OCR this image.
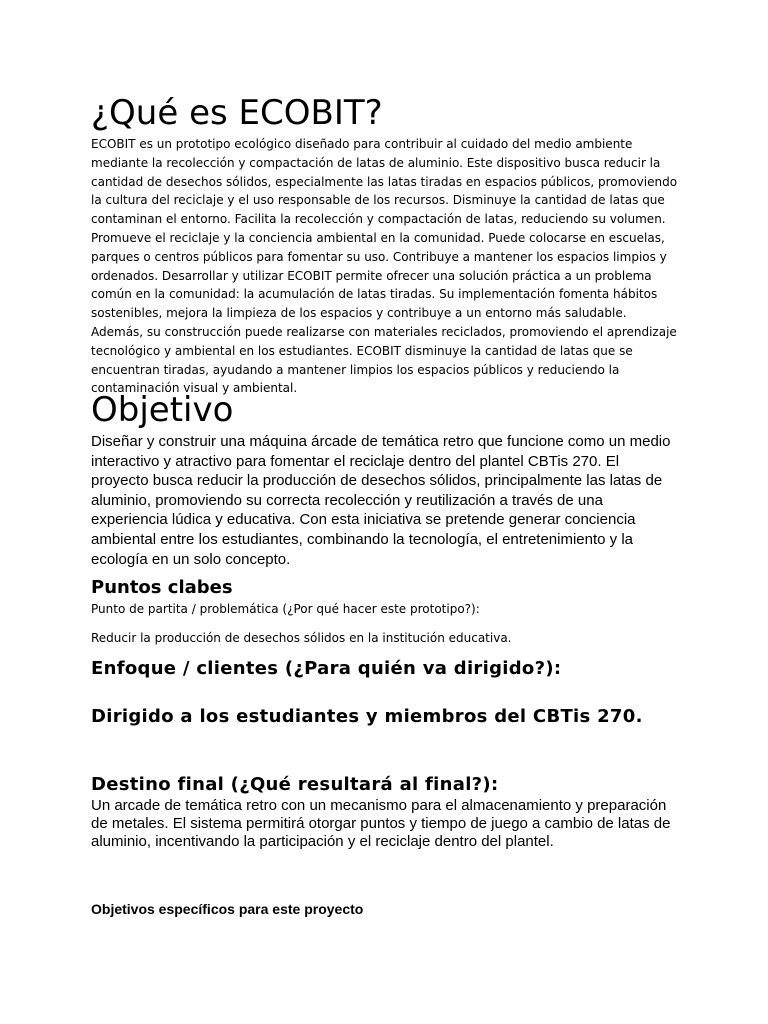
¿Qué es ECOBIT?

ECOBIT es un prototipo ecológico diseñado para contribuir al cuidado del medio ambiente mediante la recolección y compactación de latas de aluminio. Este dispositivo busca reducir la cantidad de desechos sólidos, especialmente las latas tiradas en espacios públicos, promoviendo la cultura del reciclaje y el uso responsable de los recursos. Disminuye la cantidad de latas que contaminan el entorno. Facilita la recolección y compactación de latas, reduciendo su volumen. Promueve el reciclaje y la conciencia ambiental en la comunidad. Puede colocarse en escuelas, parques o centros públicos para fomentar su uso. Contribuye a mantener los espacios limpios y ordenados. Desarrollar y utilizar ECOBIT permite ofrecer una solución práctica a un problema común en la comunidad: la acumulación de latas tiradas. Su implementación fomenta hábitos sostenibles, mejora la limpieza de los espacios y contribuye a un entorno más saludable. Además, su construcción puede realizarse con materiales reciclados, promoviendo el aprendizaje tecnológico y ambiental en los estudiantes. ECOBIT disminuye la cantidad de latas que se encuentran tiradas, ayudando a mantener limpios los espacios públicos y reduciendo la contaminación visual y ambiental.

Objetivo

Diseñar y construir una máquina árcade de temática retro que funcione como un medio interactivo y atractivo para fomentar el reciclaje dentro del plantel CBTis 270. El proyecto busca reducir la producción de desechos sólidos, principalmente las latas de aluminio, promoviendo su correcta recolección y reutilización a través de una experiencia lúdica y educativa. Con esta iniciativa se pretende generar conciencia ambiental entre los estudiantes, combinando la tecnología, el entretenimiento y la ecología en un solo concepto.

Puntos clabes

Punto de partita / problemática (¿Por qué hacer este prototipo?):

Reducir la producción de desechos sólidos en la institución educativa.

Enfoque / clientes (¿Para quién va dirigido?):
Dirigido a los estudiantes y miembros del CBTis 270.
Destino final (¿Qué resultará al final?):

Un arcade de temática retro con un mecanismo para el almacenamiento y preparación de metales. El sistema permitirá otorgar puntos y tiempo de juego a cambio de latas de aluminio, incentivando la participación y el reciclaje dentro del plantel.

Objetivos específicos para este proyecto
